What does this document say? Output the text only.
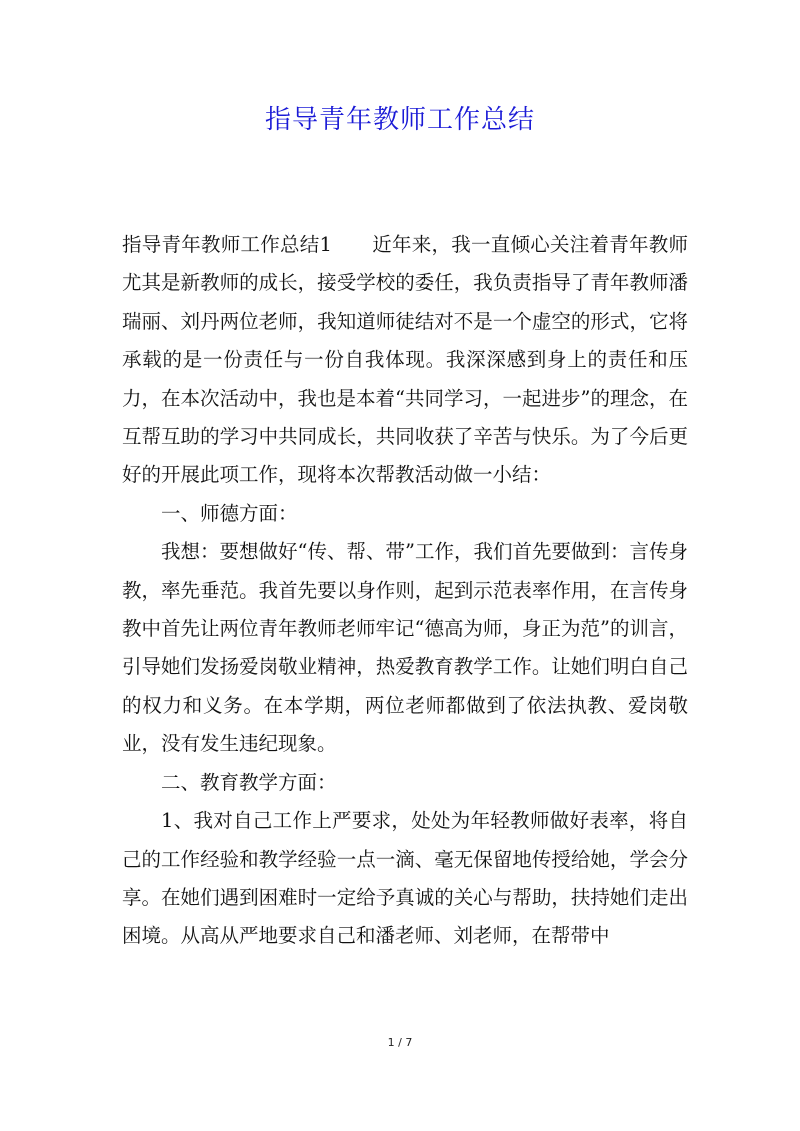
指导青年教师工作总结

指导青年教师工作总结1 近年来，我一直倾心关注着青年教师尤其是新教师的成长，接受学校的委任，我负责指导了青年教师潘瑞丽、刘丹两位老师，我知道师徒结对不是一个虚空的形式，它将承载的是一份责任与一份自我体现。我深深感到身上的责任和压力，在本次活动中，我也是本着“共同学习，一起进步”的理念，在互帮互助的学习中共同成长，共同收获了辛苦与快乐。为了今后更好的开展此项工作，现将本次帮教活动做一小结：

一、师德方面：

我想：要想做好“传、帮、带”工作，我们首先要做到：言传身教，率先垂范。我首先要以身作则，起到示范表率作用，在言传身教中首先让两位青年教师老师牢记“德高为师，身正为范”的训言，引导她们发扬爱岗敬业精神，热爱教育教学工作。让她们明白自己的权力和义务。在本学期，两位老师都做到了依法执教、爱岗敬业，没有发生违纪现象。

二、教育教学方面：

1、我对自己工作上严要求，处处为年轻教师做好表率，将自己的工作经验和教学经验一点一滴、毫无保留地传授给她，学会分享。在她们遇到困难时一定给予真诚的关心与帮助，扶持她们走出困境。从高从严地要求自己和潘老师、刘老师，在帮带中

1 / 7
